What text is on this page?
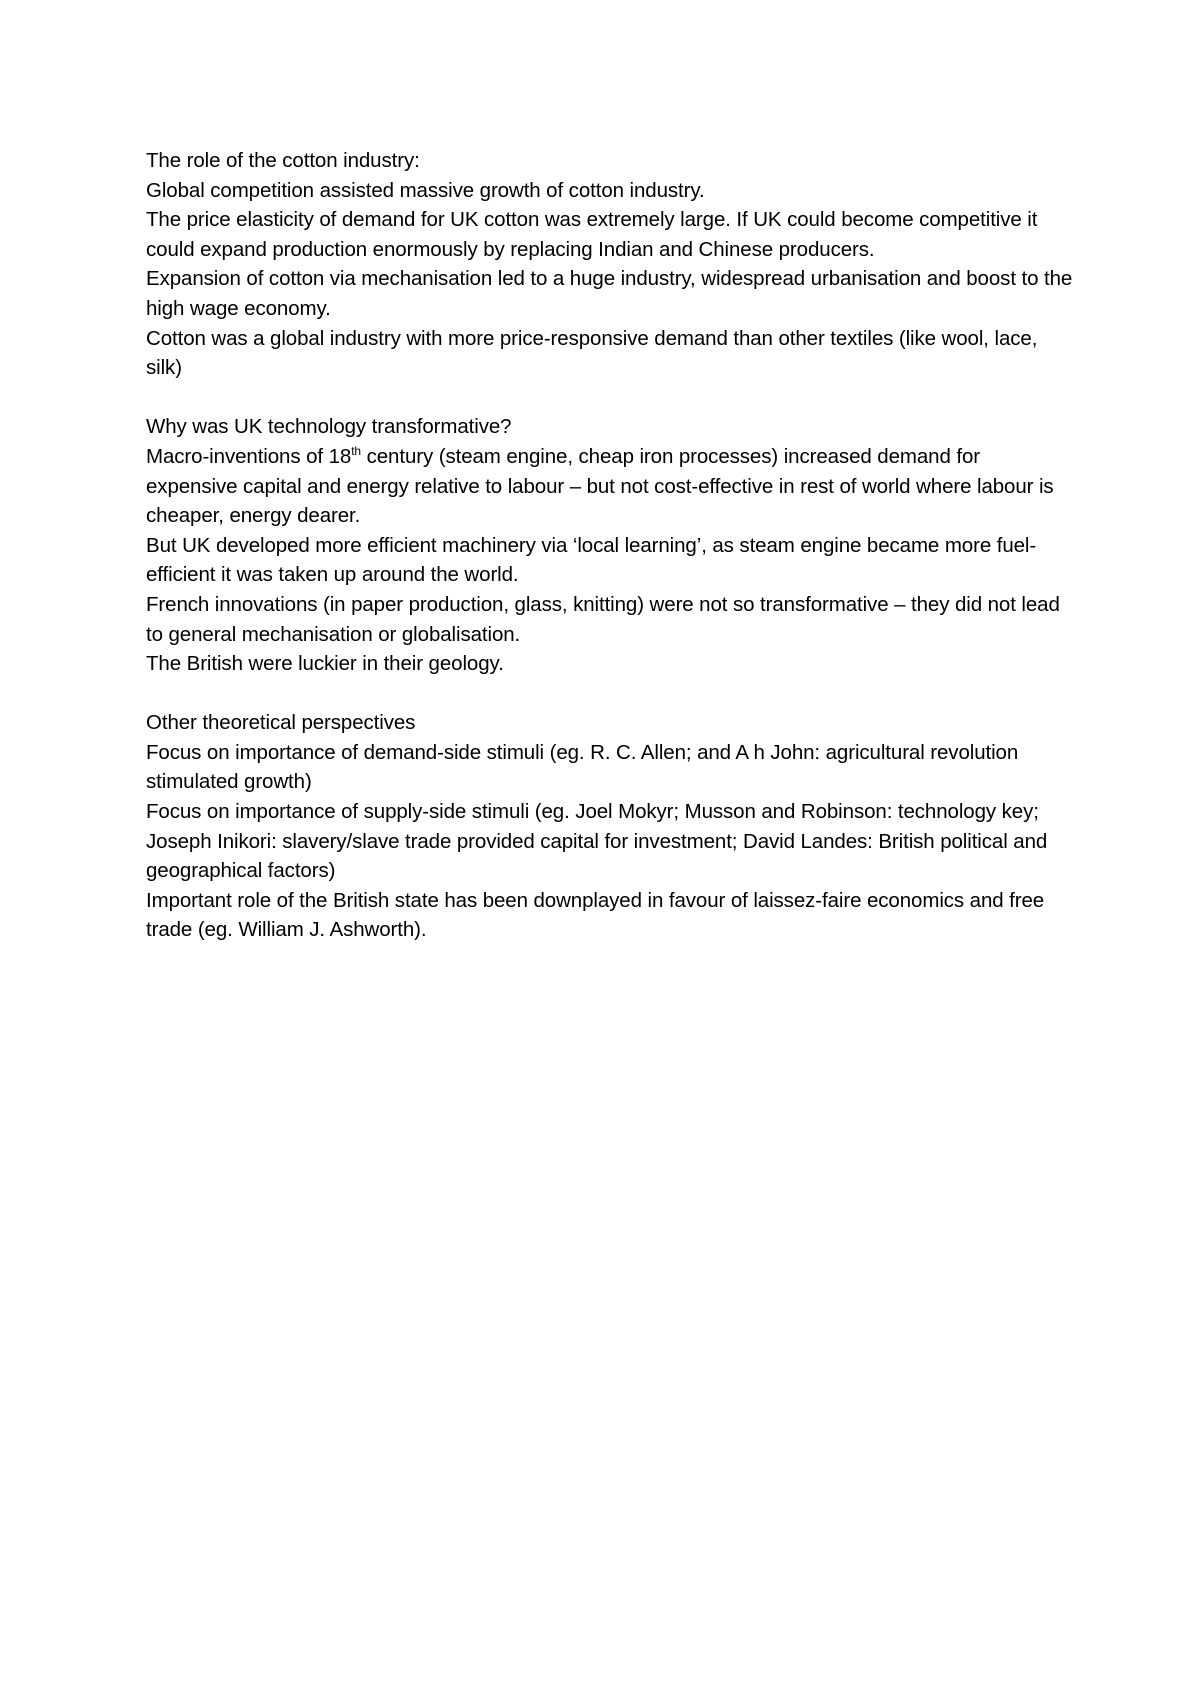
The role of the cotton industry:

Global competition assisted massive growth of cotton industry.

The price elasticity of demand for UK cotton was extremely large. If UK could become competitive it could expand production enormously by replacing Indian and Chinese producers.

Expansion of cotton via mechanisation led to a huge industry, widespread urbanisation and boost to the high wage economy.

Cotton was a global industry with more price-responsive demand than other textiles (like wool, lace, silk)

Why was UK technology transformative?

Macro-inventions of 18th century (steam engine, cheap iron processes) increased demand for expensive capital and energy relative to labour – but not cost-effective in rest of world where labour is cheaper, energy dearer.

But UK developed more efficient machinery via ‘local learning’, as steam engine became more fuel-efficient it was taken up around the world.

French innovations (in paper production, glass, knitting) were not so transformative – they did not lead to general mechanisation or globalisation.

The British were luckier in their geology.

Other theoretical perspectives

Focus on importance of demand-side stimuli (eg. R. C. Allen; and A h John: agricultural revolution stimulated growth)

Focus on importance of supply-side stimuli (eg. Joel Mokyr; Musson and Robinson: technology key; Joseph Inikori: slavery/slave trade provided capital for investment; David Landes: British political and geographical factors)

Important role of the British state has been downplayed in favour of laissez-faire economics and free trade (eg. William J. Ashworth).
